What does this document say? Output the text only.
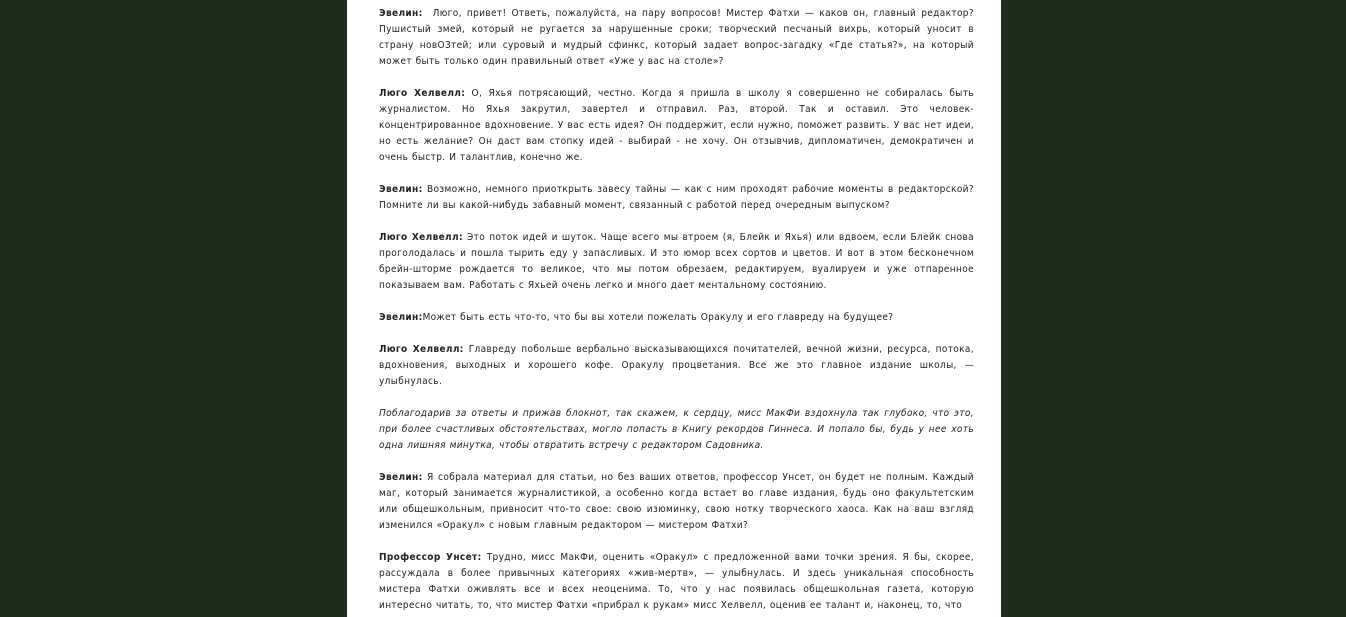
Эвелин:  Люго, привет! Ответь, пожалуйста, на пару вопросов! Мистер Фатхи — каков он, главный редактор? Пушистый змей, который не ругается за нарушенные сроки; творческий песчаный вихрь, который уносит в страну новОЗтей; или суровый и мудрый сфинкс, который задает вопрос-загадку «Где статья?», на который может быть только один правильный ответ «Уже у вас на столе»?

Люго Хелвелл: О, Яхья потрясающий, честно. Когда я пришла в школу я совершенно не собиралась быть журналистом. Но Яхья закрутил, завертел и отправил. Раз, второй. Так и оставил. Это человек-концентрированное вдохновение. У вас есть идея? Он поддержит, если нужно, поможет развить. У вас нет идеи, но есть желание? Он даст вам стопку идей - выбирай - не хочу. Он отзывчив, дипломатичен, демократичен и очень быстр. И талантлив, конечно же.

Эвелин: Возможно, немного приоткрыть завесу тайны — как с ним проходят рабочие моменты в редакторской? Помните ли вы какой-нибудь забавный момент, связанный с работой перед очередным выпуском?

Люго Хелвелл: Это поток идей и шуток. Чаще всего мы втроем (я, Блейк и Яхья) или вдвоем, если Блейк снова проголодалась и пошла тырить еду у запасливых. И это юмор всех сортов и цветов. И вот в этом бесконечном брейн-шторме рождается то великое, что мы потом обрезаем, редактируем, вуалируем и уже отпаренное показываем вам. Работать с Яхьей очень легко и много дает ментальному состоянию.

Эвелин:Может быть есть что-то, что бы вы хотели пожелать Оракулу и его главреду на будущее?

Люго Хелвелл: Главреду побольше вербально высказывающихся почитателей, вечной жизни, ресурса, потока, вдохновения, выходных и хорошего кофе. Оракулу процветания. Все же это главное издание школы, — улыбнулась.

Поблагодарив за ответы и прижав блокнот, так скажем, к сердцу, мисс МакФи вздохнула так глубоко, что это, при более счастливых обстоятельствах, могло попасть в Книгу рекордов Гиннеса. И попало бы, будь у нее хоть одна лишняя минутка, чтобы отвратить встречу с редактором Садовника.

Эвелин: Я собрала материал для статьи, но без ваших ответов, профессор Унсет, он будет не полным. Каждый маг, который занимается журналистикой, а особенно когда встает во главе издания, будь оно факультетским или общешкольным, привносит что-то свое: свою изюминку, свою нотку творческого хаоса. Как на ваш взгляд изменился «Оракул» с новым главным редактором — мистером Фатхи?

Профессор Унсет: Трудно, мисс МакФи, оценить «Оракул» с предложенной вами точки зрения. Я бы, скорее, рассуждала в более привычных категориях «жив-мертв», — улыбнулась. И здесь уникальная способность мистера Фатхи оживлять все и всех неоценима. То, что у нас появилась общешкольная газета, которую интересно читать, то, что мистер Фатхи «прибрал к рукам» мисс Хелвелл, оценив ее талант и, наконец, то, что
